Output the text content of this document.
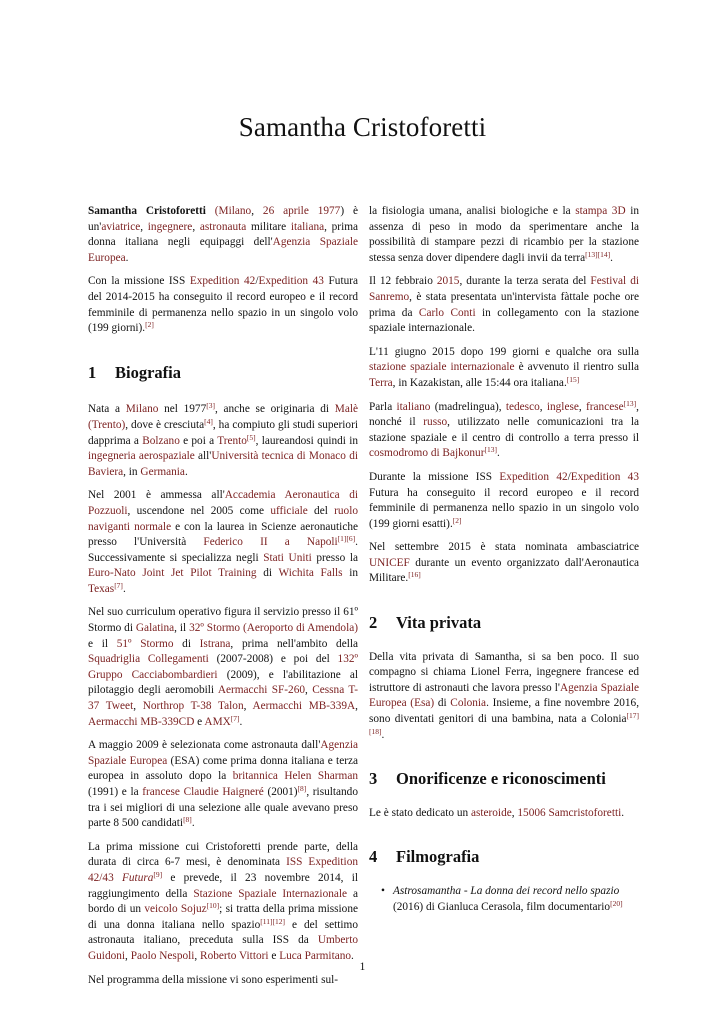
Samantha Cristoforetti

Samantha Cristoforetti (Milano, 26 aprile 1977) è un'aviatrice, ingegnere, astronauta militare italiana, prima donna italiana negli equipaggi dell'Agenzia Spaziale Europea.

Con la missione ISS Expedition 42/Expedition 43 Futura del 2014-2015 ha conseguito il record europeo e il record femminile di permanenza nello spazio in un singolo volo (199 giorni).[2]

1 Biografia

Nata a Milano nel 1977[3], anche se originaria di Malè (Trento), dove è cresciuta[4], ha compiuto gli studi superiori dapprima a Bolzano e poi a Trento[5], laureandosi quindi in ingegneria aerospaziale all'Università tecnica di Monaco di Baviera, in Germania.

Nel 2001 è ammessa all'Accademia Aeronautica di Pozzuoli, uscendone nel 2005 come ufficiale del ruolo naviganti normale e con la laurea in Scienze aeronautiche presso l'Università Federico II a Napoli[1][6]. Successivamente si specializza negli Stati Uniti presso la Euro-Nato Joint Jet Pilot Training di Wichita Falls in Texas[7].

Nel suo curriculum operativo figura il servizio presso il 61º Stormo di Galatina, il 32º Stormo (Aeroporto di Amendola) e il 51º Stormo di Istrana, prima nell'ambito della Squadriglia Collegamenti (2007-2008) e poi del 132º Gruppo Cacciabombardieri (2009), e l'abilitazione al pilotaggio degli aeromobili Aermacchi SF-260, Cessna T-37 Tweet, Northrop T-38 Talon, Aermacchi MB-339A, Aermacchi MB-339CD e AMX[7].

A maggio 2009 è selezionata come astronauta dall'Agenzia Spaziale Europea (ESA) come prima donna italiana e terza europea in assoluto dopo la britannica Helen Sharman (1991) e la francese Claudie Haigneré (2001)[8], risultando tra i sei migliori di una selezione alle quale avevano preso parte 8 500 candidati[8].

La prima missione cui Cristoforetti prende parte, della durata di circa 6-7 mesi, è denominata ISS Expedition 42/43 Futura[9] e prevede, il 23 novembre 2014, il raggiungimento della Stazione Spaziale Internazionale a bordo di un veicolo Sojuz[10]; si tratta della prima missione di una donna italiana nello spazio[11][12] e del settimo astronauta italiano, preceduta sulla ISS da Umberto Guidoni, Paolo Nespoli, Roberto Vittori e Luca Parmitano.

Nel programma della missione vi sono esperimenti sul-

la fisiologia umana, analisi biologiche e la stampa 3D in assenza di peso in modo da sperimentare anche la possibilità di stampare pezzi di ricambio per la stazione stessa senza dover dipendere dagli invii da terra[13][14].

Il 12 febbraio 2015, durante la terza serata del Festival di Sanremo, è stata presentata un'intervista fàttale poche ore prima da Carlo Conti in collegamento con la stazione spaziale internazionale.

L'11 giugno 2015 dopo 199 giorni e qualche ora sulla stazione spaziale internazionale è avvenuto il rientro sulla Terra, in Kazakistan, alle 15:44 ora italiana.[15]

Parla italiano (madrelingua), tedesco, inglese, francese[13], nonché il russo, utilizzato nelle comunicazioni tra la stazione spaziale e il centro di controllo a terra presso il cosmodromo di Bajkonur[13].

Durante la missione ISS Expedition 42/Expedition 43 Futura ha conseguito il record europeo e il record femminile di permanenza nello spazio in un singolo volo (199 giorni esatti).[2]

Nel settembre 2015 è stata nominata ambasciatrice UNICEF durante un evento organizzato dall'Aeronautica Militare.[16]

2 Vita privata

Della vita privata di Samantha, si sa ben poco. Il suo compagno si chiama Lionel Ferra, ingegnere francese ed istruttore di astronauti che lavora presso l'Agenzia Spaziale Europea (Esa) di Colonia. Insieme, a fine novembre 2016, sono diventati genitori di una bambina, nata a Colonia[17][18].

3 Onorificenze e riconoscimenti

Le è stato dedicato un asteroide, 15006 Samcristoforetti.

4 Filmografia
• Astrosamantha - La donna dei record nello spazio (2016) di Gianluca Cerasola, film documentario[20]
1
